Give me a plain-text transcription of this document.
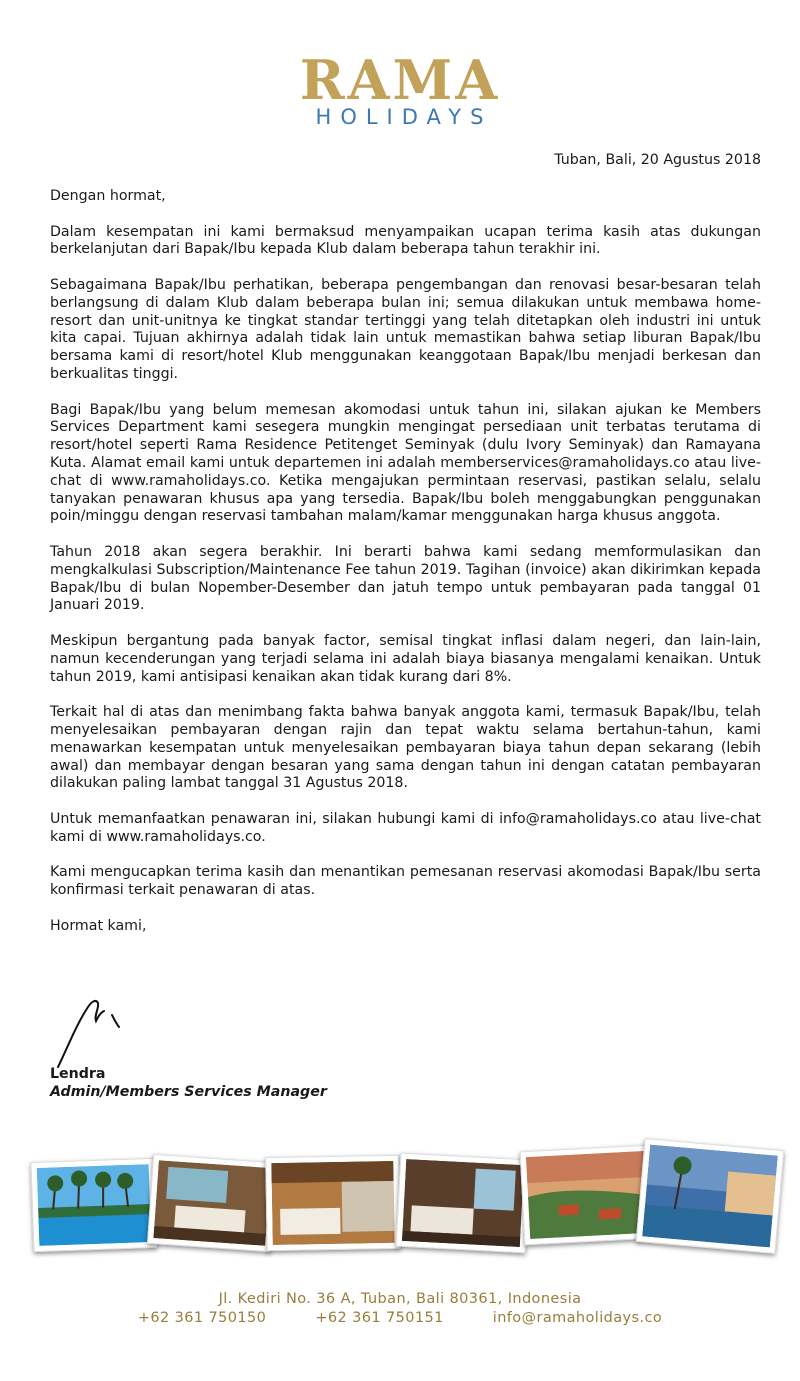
RAMA
HOLIDAYS
Tuban, Bali, 20 Agustus 2018

Dengan hormat,

Dalam kesempatan ini kami bermaksud menyampaikan ucapan terima kasih atas dukungan berkelanjutan dari Bapak/Ibu kepada Klub dalam beberapa tahun terakhir ini.

Sebagaimana Bapak/Ibu perhatikan, beberapa pengembangan dan renovasi besar-besaran telah berlangsung di dalam Klub dalam beberapa bulan ini; semua dilakukan untuk membawa home-resort dan unit-unitnya ke tingkat standar tertinggi yang telah ditetapkan oleh industri ini untuk kita capai. Tujuan akhirnya adalah tidak lain untuk memastikan bahwa setiap liburan Bapak/Ibu bersama kami di resort/hotel Klub menggunakan keanggotaan Bapak/Ibu menjadi berkesan dan berkualitas tinggi.

Bagi Bapak/Ibu yang belum memesan akomodasi untuk tahun ini, silakan ajukan ke Members Services Department kami sesegera mungkin mengingat persediaan unit terbatas terutama di resort/hotel seperti Rama Residence Petitenget Seminyak (dulu Ivory Seminyak) dan Ramayana Kuta. Alamat email kami untuk departemen ini adalah memberservices@ramaholidays.co atau live-chat di www.ramaholidays.co. Ketika mengajukan permintaan reservasi, pastikan selalu, selalu tanyakan penawaran khusus apa yang tersedia. Bapak/Ibu boleh menggabungkan penggunakan poin/minggu dengan reservasi tambahan malam/kamar menggunakan harga khusus anggota.

Tahun 2018 akan segera berakhir. Ini berarti bahwa kami sedang memformulasikan dan mengkalkulasi Subscription/Maintenance Fee tahun 2019. Tagihan (invoice) akan dikirimkan kepada Bapak/Ibu di bulan Nopember-Desember dan jatuh tempo untuk pembayaran pada tanggal 01 Januari 2019.

Meskipun bergantung pada banyak factor, semisal tingkat inflasi dalam negeri, dan lain-lain, namun kecenderungan yang terjadi selama ini adalah biaya biasanya mengalami kenaikan. Untuk tahun 2019, kami antisipasi kenaikan akan tidak kurang dari 8%.

Terkait hal di atas dan menimbang fakta bahwa banyak anggota kami, termasuk Bapak/Ibu, telah menyelesaikan pembayaran dengan rajin dan tepat waktu selama bertahun-tahun, kami menawarkan kesempatan untuk menyelesaikan pembayaran biaya tahun depan sekarang (lebih awal) dan membayar dengan besaran yang sama dengan tahun ini dengan catatan pembayaran dilakukan paling lambat tanggal 31 Agustus 2018.

Untuk memanfaatkan penawaran ini, silakan hubungi kami di info@ramaholidays.co atau live-chat kami di www.ramaholidays.co.

Kami mengucapkan terima kasih dan menantikan pemesanan reservasi akomodasi Bapak/Ibu serta konfirmasi terkait penawaran di atas.

Hormat kami,

Lendra
Admin/Members Services Manager
Jl. Kediri No. 36 A, Tuban, Bali 80361, Indonesia
+62 361 750150	+62 361 750151	info@ramaholidays.co
